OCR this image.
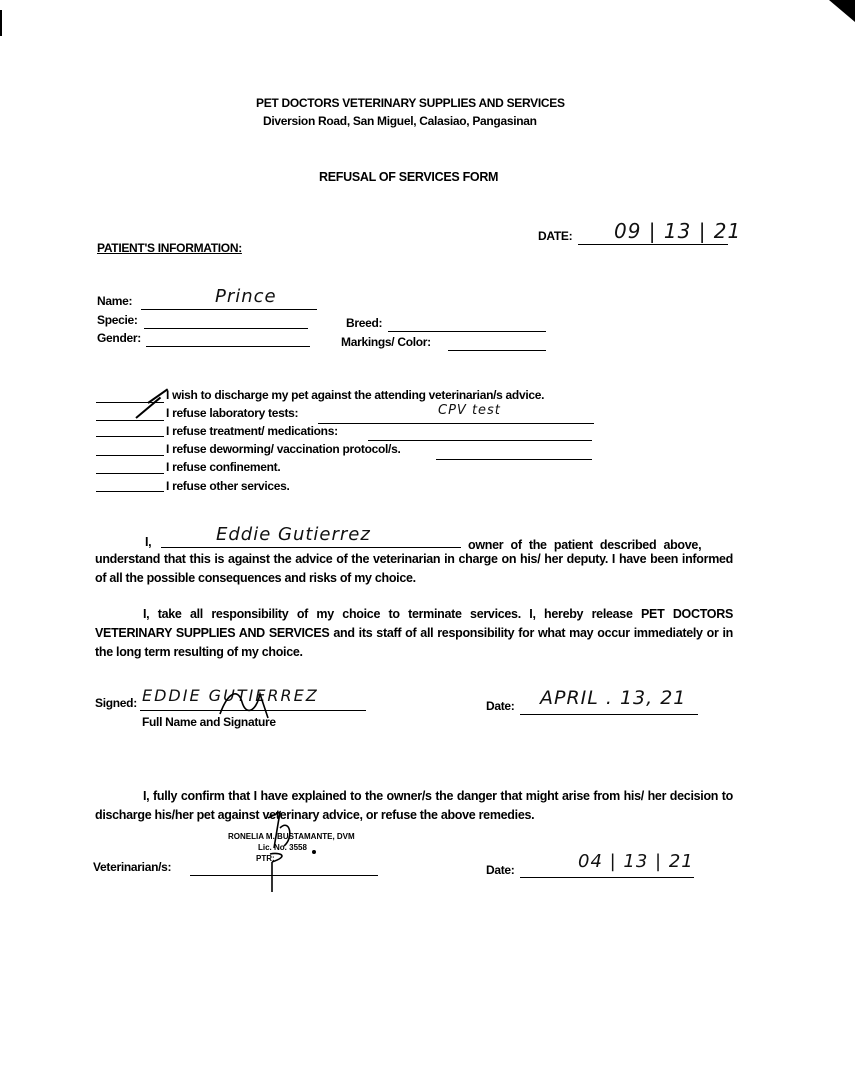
PET DOCTORS VETERINARY SUPPLIES AND SERVICES
Diversion Road, San Miguel, Calasiao, Pangasinan
REFUSAL OF SERVICES FORM
DATE: 09 | 13 | 21
PATIENT'S INFORMATION:
Name:	Prince
Specie:
Gender:
Breed:
Markings/ Color:
I wish to discharge my pet against the attending veterinarian/s advice.
I refuse laboratory tests:	CPV test
I refuse treatment/ medications:
I refuse deworming/ vaccination protocol/s.
I refuse confinement.
I refuse other services.
I,	Eddie Gutierrez	owner of the patient described above,
understand that this is against the advice of the veterinarian in charge on his/ her deputy. I have been informed of all the possible consequences and risks of my choice.
I, take all responsibility of my choice to terminate services. I, hereby release PET DOCTORS VETERINARY SUPPLIES AND SERVICES and its staff of all responsibility for what may occur immediately or in the long term resulting of my choice.
Signed: EDDIE GUTIERREZ
Full Name and Signature
Date: APRIL . 13, 21
I, fully confirm that I have explained to the owner/s the danger that might arise from his/ her decision to discharge his/her pet against veterinary advice, or refuse the above remedies.
Veterinarian/s:
RONELIA M. BUSTAMANTE, DVM
Lic. No. 3558
PTR:
Date:	04 | 13 | 21
